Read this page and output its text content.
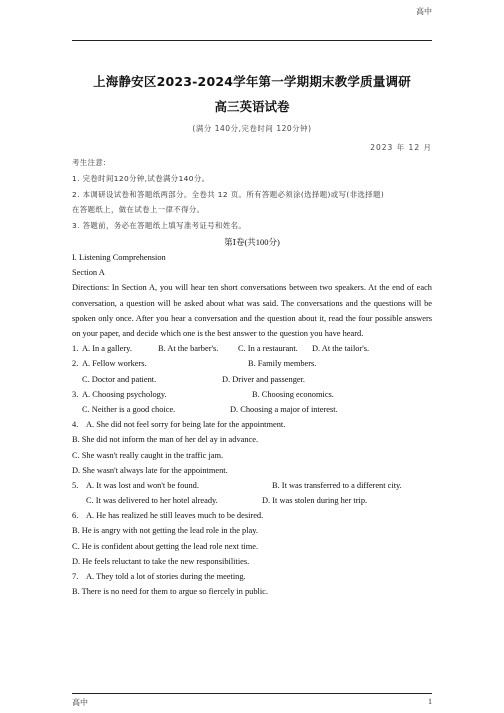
高中
上海静安区2023-2024学年第一学期期末教学质量调研
高三英语试卷
(满分 140分,完卷时间 120分钟)
2023 年 12 月
考生注意:
1. 完卷时间120分钟,试卷满分140分。
2. 本调研设试卷和答题纸两部分。全卷共 12 页。所有答题必须涂(选择题)或写(非选择题)
在答题纸上，做在试卷上一律不得分。
3. 答题前，务必在答题纸上填写准考证号和姓名。
第Ⅰ卷(共100分)
I. Listening Comprehension
Section A
Directions: In Section A, you will hear ten short conversations between two speakers. At the end of each conversation, a question will be asked about what was said. The conversations and the questions will be spoken only once. After you hear a conversation and the question about it, read the four possible answers on your paper, and decide which one is the best answer to the question you have heard.
1. A. In a gallery.	B. At the barber's. C. In a restaurant. D. At the tailor's.
2. A. Fellow workers.	B. Family members.
C. Doctor and patient.	D. Driver and passenger.
3. A. Choosing psychology.	B. Choosing economics.
C. Neither is a good choice.	D. Choosing a major of interest.
4. A. She did not feel sorry for being late for the appointment.
B. She did not inform the man of her del ay in advance.
C. She wasn't really caught in the traffic jam.
D. She wasn't always late for the appointment.
5. A. It was lost and won't be found.	B. It was transferred to a different city.
C. It was delivered to her hotel already.	D. It was stolen during her trip.
6. A. He has realized he still leaves much to be desired.
B. He is angry with not getting the lead role in the play.
C. He is confident about getting the lead role next time.
D. He feels reluctant to take the new responsibilities.
7. A. They told a lot of stories during the meeting.
B. There is no need for them to argue so fiercely in public.
高中	1
